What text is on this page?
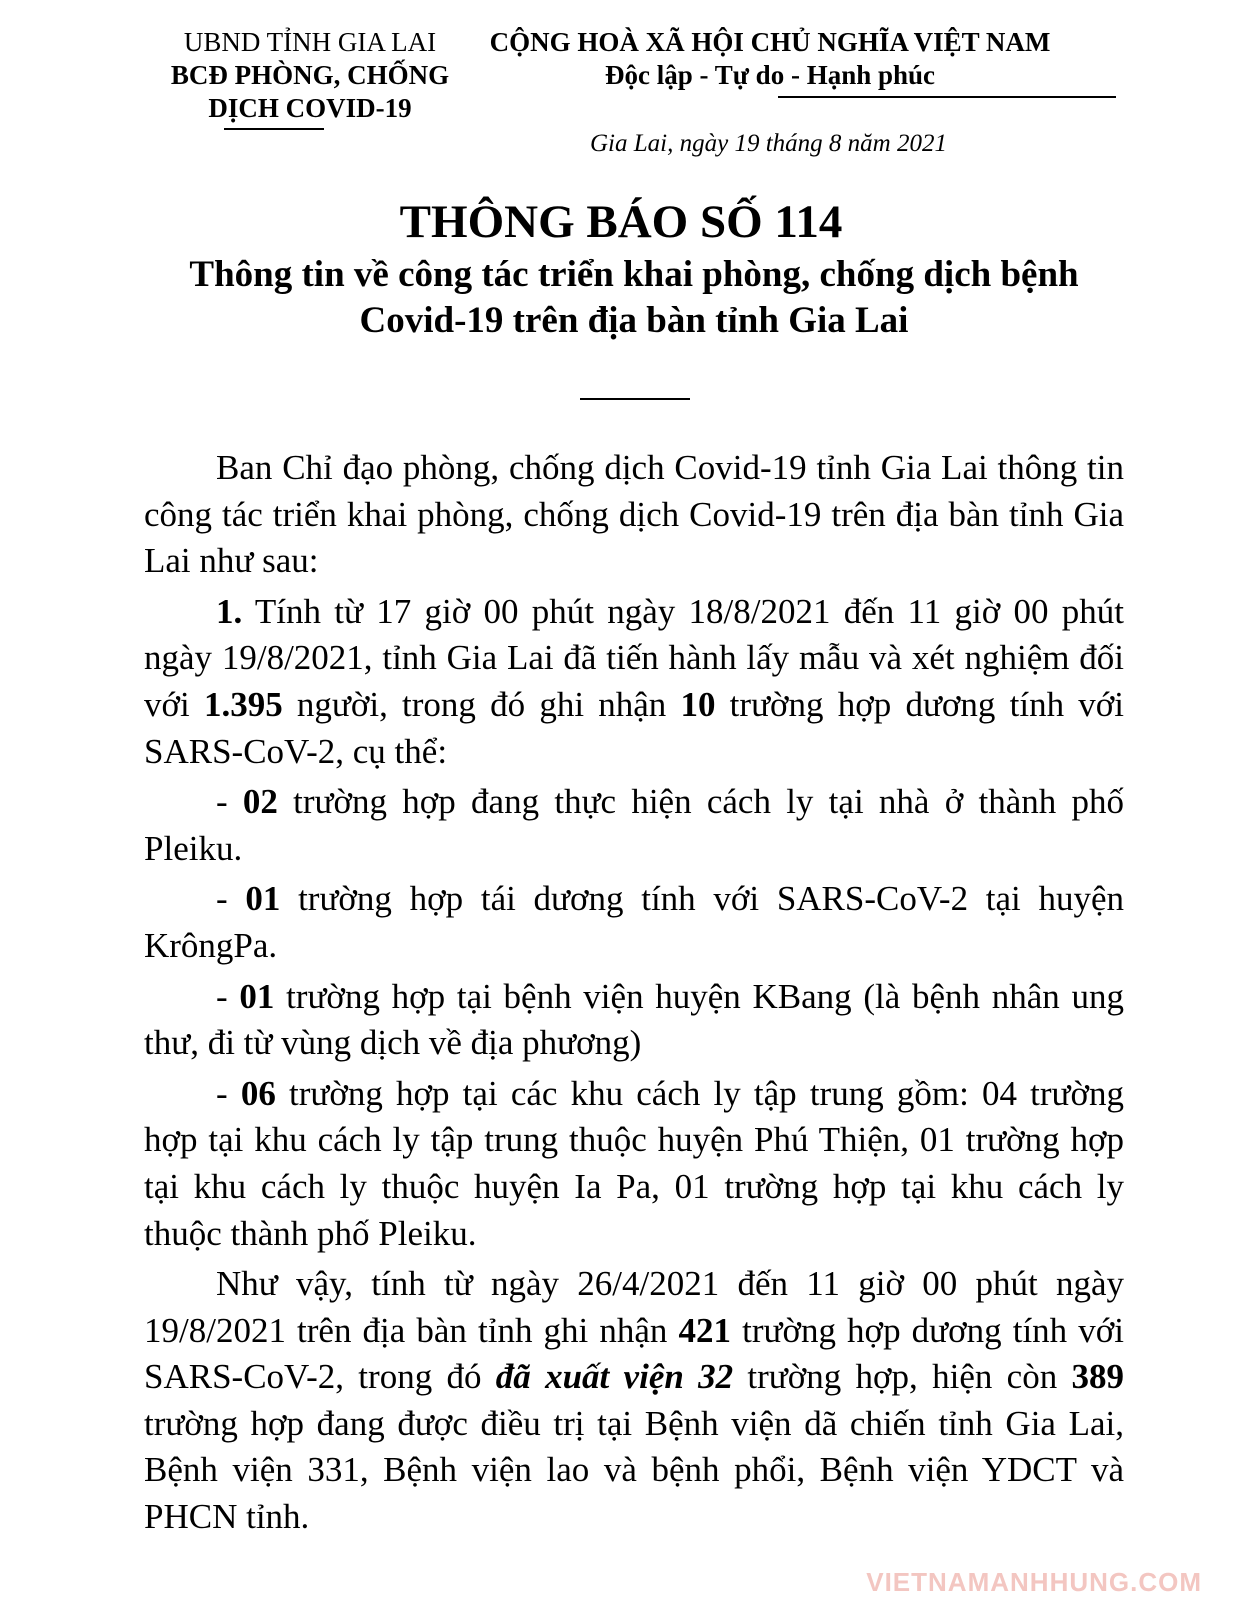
UBND TỈNH GIA LAI
BCĐ PHÒNG, CHỐNG
DỊCH COVID-19
CỘNG HOÀ XÃ HỘI CHỦ NGHĨA VIỆT NAM
Độc lập - Tự do - Hạnh phúc
Gia Lai, ngày 19 tháng 8 năm 2021
THÔNG BÁO SỐ 114
Thông tin về công tác triển khai phòng, chống dịch bệnh Covid-19 trên địa bàn tỉnh Gia Lai

Ban Chỉ đạo phòng, chống dịch Covid-19 tỉnh Gia Lai thông tin công tác triển khai phòng, chống dịch Covid-19 trên địa bàn tỉnh Gia Lai như sau:

1. Tính từ 17 giờ 00 phút ngày 18/8/2021 đến 11 giờ 00 phút ngày 19/8/2021, tỉnh Gia Lai đã tiến hành lấy mẫu và xét nghiệm đối với 1.395 người, trong đó ghi nhận 10 trường hợp dương tính với SARS-CoV-2, cụ thể:

- 02 trường hợp đang thực hiện cách ly tại nhà ở thành phố Pleiku.

- 01 trường hợp tái dương tính với SARS-CoV-2 tại huyện KrôngPa.

- 01 trường hợp tại bệnh viện huyện KBang (là bệnh nhân ung thư, đi từ vùng dịch về địa phương)

- 06 trường hợp tại các khu cách ly tập trung gồm: 04 trường hợp tại khu cách ly tập trung thuộc huyện Phú Thiện, 01 trường hợp tại khu cách ly thuộc huyện Ia Pa, 01 trường hợp tại khu cách ly thuộc thành phố Pleiku.

Như vậy, tính từ ngày 26/4/2021 đến 11 giờ 00 phút ngày 19/8/2021 trên địa bàn tỉnh ghi nhận 421 trường hợp dương tính với SARS-CoV-2, trong đó đã xuất viện 32 trường hợp, hiện còn 389 trường hợp đang được điều trị tại Bệnh viện dã chiến tỉnh Gia Lai, Bệnh viện 331, Bệnh viện lao và bệnh phổi, Bệnh viện YDCT và PHCN tỉnh.

VIETNAMANHHUNG.COM
